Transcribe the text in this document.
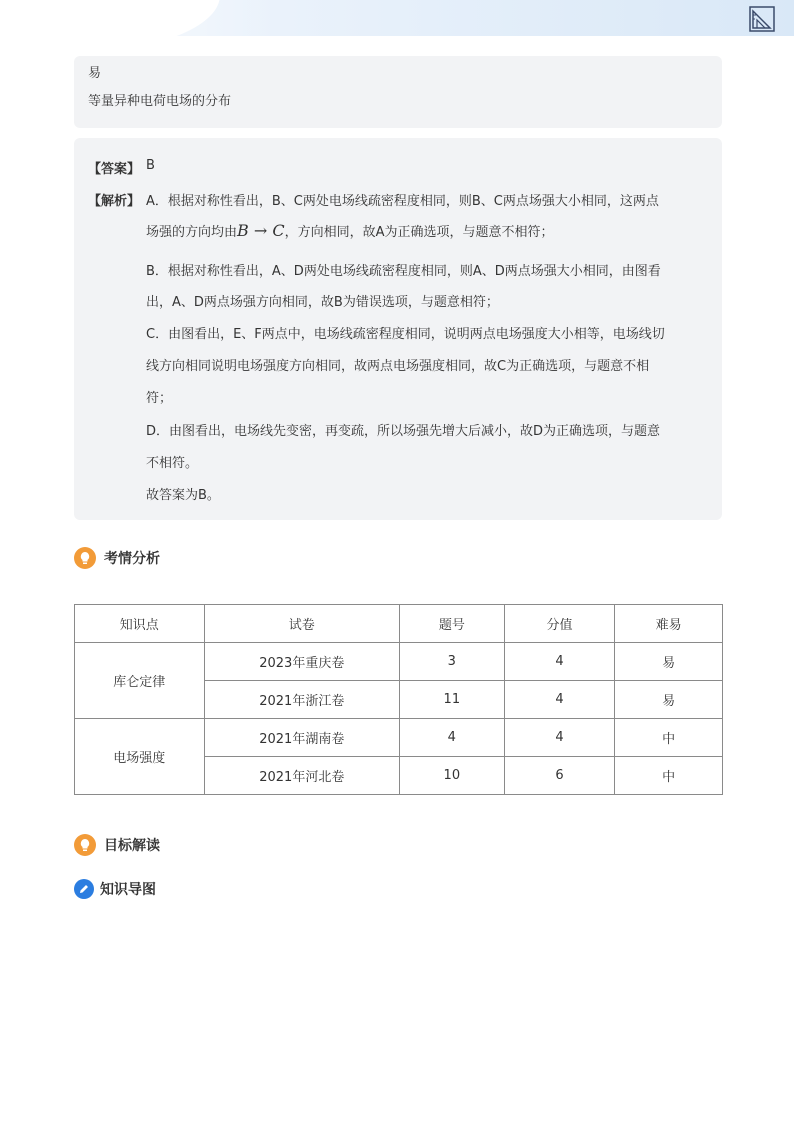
易
等量异种电荷电场的分布
【答案】 B
【解析】 A．根据对称性看出，B、C两处电场线疏密程度相同，则B、C两点场强大小相同，这两点
场强的方向均由B → C，方向相同，故A为正确选项，与题意不相符；
B．根据对称性看出，A、D两处电场线疏密程度相同，则A、D两点场强大小相同，由图看
出，A、D两点场强方向相同，故B为错误选项，与题意相符；
C．由图看出，E、F两点中，电场线疏密程度相同，说明两点电场强度大小相等，电场线切
线方向相同说明电场强度方向相同，故两点电场强度相同，故C为正确选项，与题意不相
符；
D．由图看出，电场线先变密，再变疏，所以场强先增大后减小，故D为正确选项，与题意
不相符。
故答案为B。
考情分析
知识点	试卷	题号	分值	难易
库仑定律	2023年重庆卷	3	4	易
	2021年浙江卷	11	4	易
电场强度	2021年湖南卷	4	4	中
	2021年河北卷	10	6	中
目标解读
知识导图
